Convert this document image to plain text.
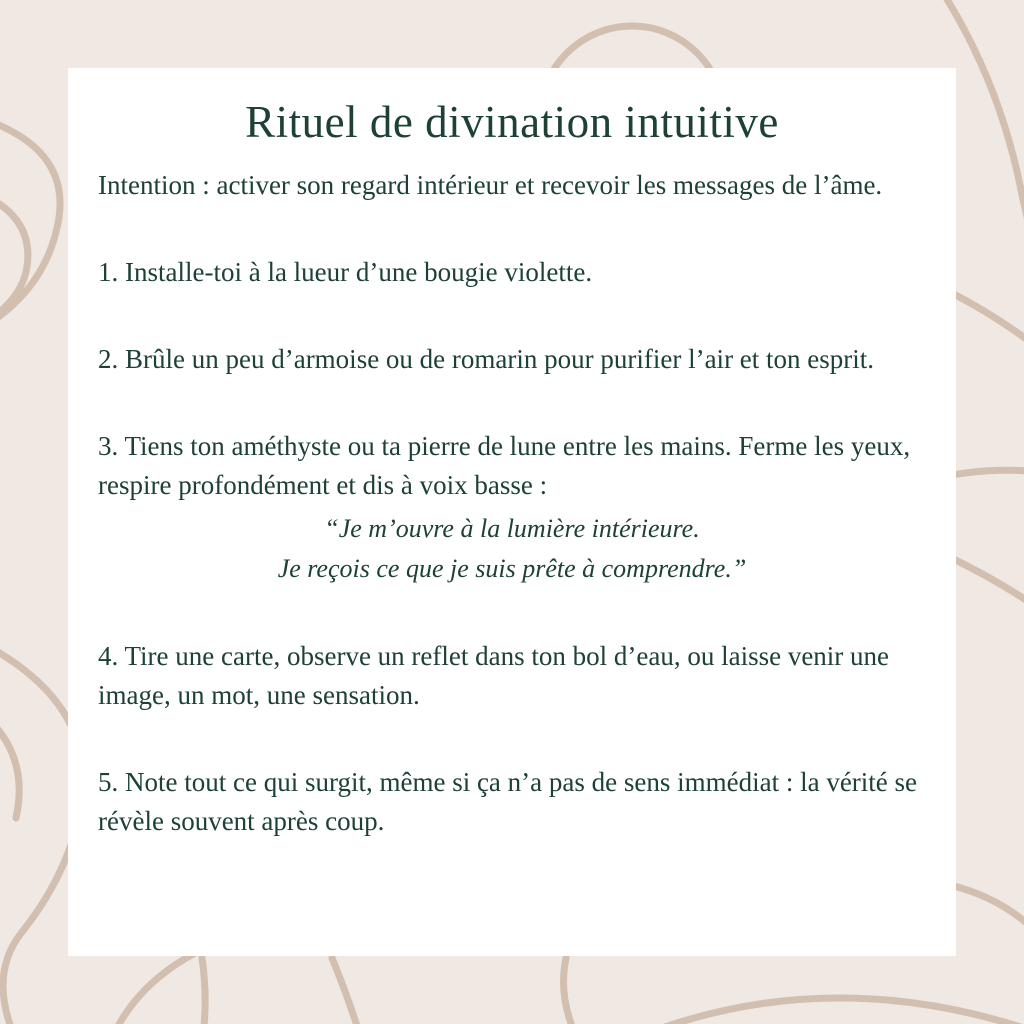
Rituel de divination intuitive

Intention : activer son regard intérieur et recevoir les messages de l’âme.

1. Installe-toi à la lueur d’une bougie violette.

2. Brûle un peu d’armoise ou de romarin pour purifier l’air et ton esprit.

3. Tiens ton améthyste ou ta pierre de lune entre les mains. Ferme les yeux, respire profondément et dis à voix basse :

“Je m’ouvre à la lumière intérieure.
Je reçois ce que je suis prête à comprendre.”

4. Tire une carte, observe un reflet dans ton bol d’eau, ou laisse venir une image, un mot, une sensation.

5. Note tout ce qui surgit, même si ça n’a pas de sens immédiat : la vérité se révèle souvent après coup.
